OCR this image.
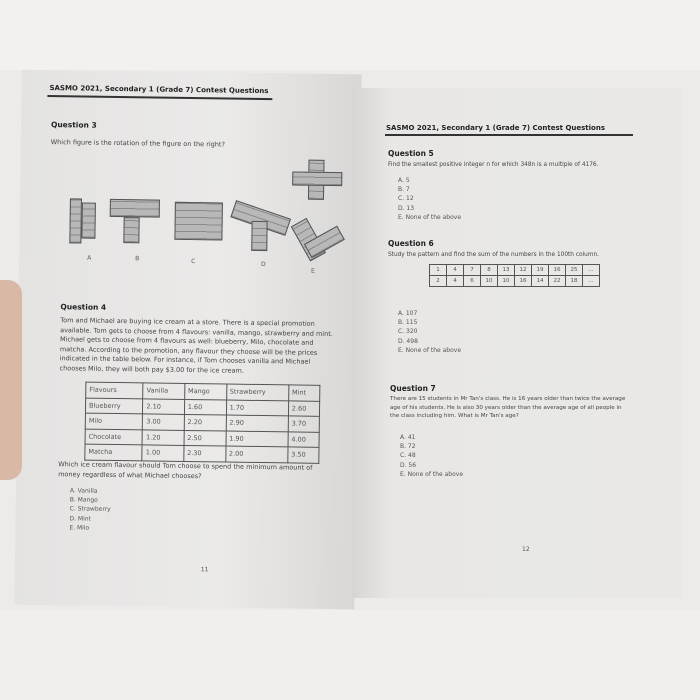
SASMO 2021, Secondary 1 (Grade 7) Contest Questions
Question 3
Which figure is the rotation of the figure on the right?
A	B	C	D
E
Question 4
Tom and Michael are buying ice cream at a store. There is a special promotion
available. Tom gets to choose from 4 flavours: vanilla, mango, strawberry and mint.
Michael gets to choose from 4 flavours as well: blueberry, Milo, chocolate and
matcha. According to the promotion, any flavour they choose will be the prices
indicated in the table below. For instance, if Tom chooses vanilla and Michael
chooses Milo, they will both pay $3.00 for the ice cream.
Flavours	Vanilla	Mango	Strawberry	Mint
Blueberry	2.10	1.60	1.70	2.60
Milo	3.00	2.20	2.90	3.70
Chocolate	1.20	2.50	1.90	4.00
Matcha	1.00	2.30	2.00	3.50
Which ice cream flavour should Tom choose to spend the minimum amount of
money regardless of what Michael chooses?
A. Vanilla
B. Mango
C. Strawberry
D. Mint
E. Milo
11
SASMO 2021, Secondary 1 (Grade 7) Contest Questions
Question 5
Find the smallest positive integer n for which 348n is a multiple of 4176.
A. 5
B. 7
C. 12
D. 13
E. None of the above
Question 6
Study the pattern and find the sum of the numbers in the 100th column.
1	4	7	8	13	12	19	16	25	...
2	4	6	10	10	16	14	22	18	...
A. 107
B. 115
C. 320
D. 498
E. None of the above
Question 7
There are 15 students in Mr Tan's class. He is 16 years older than twice the average
age of his students. He is also 30 years older than the average age of all people in
the class including him. What is Mr Tan's age?
A. 41
B. 72
C. 48
D. 56
E. None of the above
12
